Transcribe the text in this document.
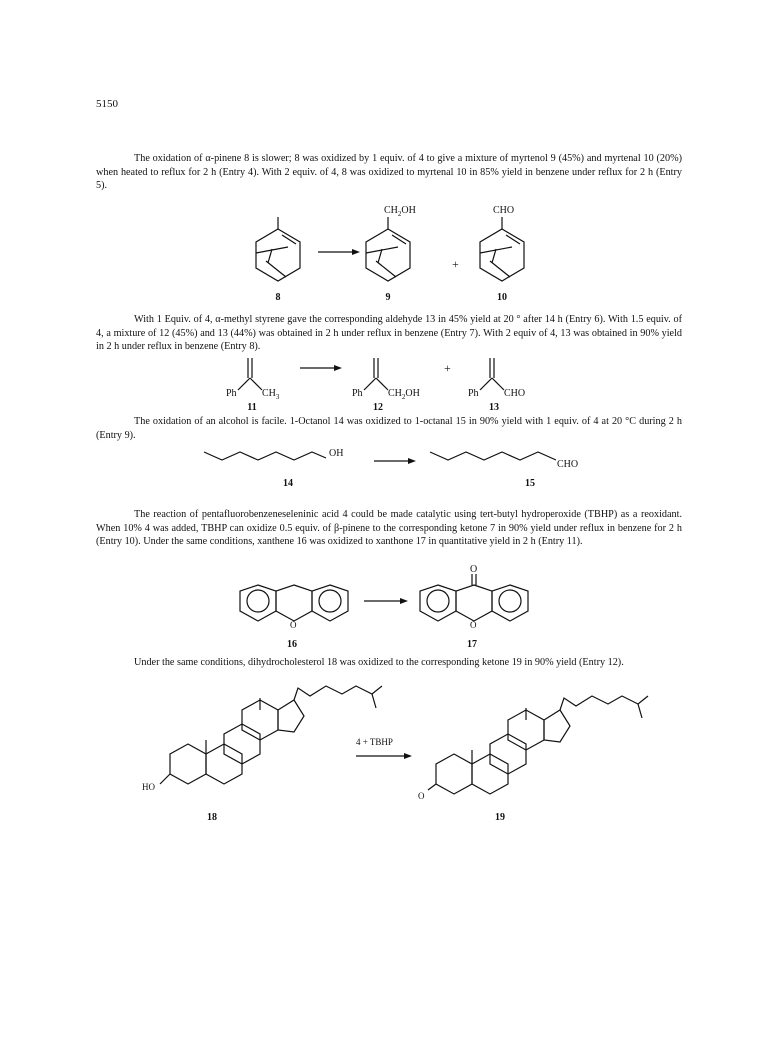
5150
The oxidation of α-pinene 8 is slower; 8 was oxidized by 1 equiv. of 4 to give a mixture of myrtenol 9 (45%) and myrtenal 10 (20%) when heated to reflux for 2 h (Entry 4). With 2 equiv. of 4, 8 was oxidized to myrtenal 10 in 85% yield in benzene under reflux for 2 h (Entry 5).
$CH_2OH$
+
CHO
8	9	10
With 1 Equiv. of 4, α-methyl styrene gave the corresponding aldehyde 13 in 45% yield at 20 ° after 14 h (Entry 6). With 1.5 equiv. of 4, a mixture of 12 (45%) and 13 (44%) was obtained in 2 h under reflux in benzene (Entry 7). With 2 equiv of 4, 13 was obtained in 90% yield in 2 h under reflux in benzene (Entry 8).
Ph	$CH_3$	Ph	$CH_2OH$
+
Ph	CHO
11	12	13
The oxidation of an alcohol is facile. 1-Octanol 14 was oxidized to 1-octanal 15 in 90% yield with 1 equiv. of 4 at 20 °C during 2 h (Entry 9).
OH
CHO
14	15
The reaction of pentafluorobenzeneseleninic acid 4 could be made catalytic using tert-butyl hydroperoxide (TBHP) as a reoxidant. When 10% 4 was added, TBHP can oxidize 0.5 equiv. of β-pinene to the corresponding ketone 7 in 90% yield under reflux in benzene for 2 h (Entry 10). Under the same conditions, xanthene 16 was oxidized to xanthone 17 in quantitative yield in 2 h (Entry 11).
O
O
O
16	17
Under the same conditions, dihydrocholesterol 18 was oxidized to the corresponding ketone 19 in 90% yield (Entry 12).
HO
4 + TBHP
O
18	19
